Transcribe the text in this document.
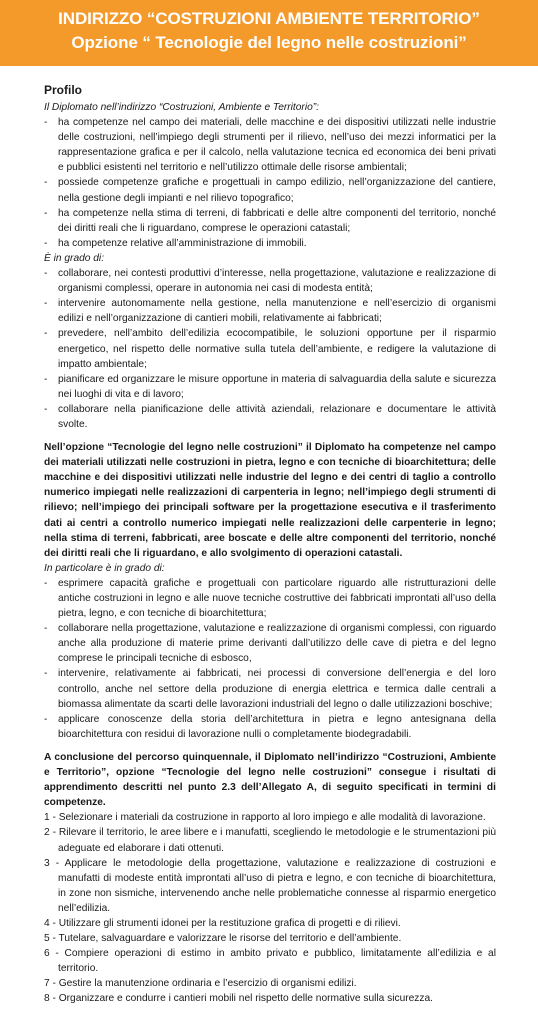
INDIRIZZO “COSTRUZIONI AMBIENTE TERRITORIO”
Opzione “ Tecnologie del legno nelle costruzioni”
Profilo
Il Diplomato nell’indirizzo “Costruzioni, Ambiente e Territorio”:
- ha competenze nel campo dei materiali, delle macchine e dei dispositivi utilizzati nelle industrie delle costruzioni, nell’impiego degli strumenti per il rilievo, nell’uso dei mezzi informatici per la rappresentazione grafica e per il calcolo, nella valutazione tecnica ed economica dei beni privati e pubblici esistenti nel territorio e nell’utilizzo ottimale delle risorse ambientali;
- possiede competenze grafiche e progettuali in campo edilizio, nell’organizzazione del cantiere, nella gestione degli impianti e nel rilievo topografico;
- ha competenze nella stima di terreni, di fabbricati e delle altre componenti del territorio, nonché dei diritti reali che li riguardano, comprese le operazioni catastali;
- ha competenze relative all’amministrazione di immobili.
È in grado di:
- collaborare, nei contesti produttivi d’interesse, nella progettazione, valutazione e realizzazione di organismi complessi, operare in autonomia nei casi di modesta entità;
- intervenire autonomamente nella gestione, nella manutenzione e nell’esercizio di organismi edilizi e nell’organizzazione di cantieri mobili, relativamente ai fabbricati;
- prevedere, nell’ambito dell’edilizia ecocompatibile, le soluzioni opportune per il risparmio energetico, nel rispetto delle normative sulla tutela dell’ambiente, e redigere la valutazione di impatto ambientale;
- pianificare ed organizzare le misure opportune in materia di salvaguardia della salute e sicurezza nei luoghi di vita e di lavoro;
- collaborare nella pianificazione delle attività aziendali, relazionare e documentare le attività svolte.
Nell’opzione “Tecnologie del legno nelle costruzioni” il Diplomato ha competenze nel campo dei materiali utilizzati nelle costruzioni in pietra, legno e con tecniche di bioarchitettura; delle macchine e dei dispositivi utilizzati nelle industrie del legno e dei centri di taglio a controllo numerico impiegati nelle realizzazioni di carpenteria in legno; nell’impiego degli strumenti di rilievo; nell’impiego dei principali software per la progettazione esecutiva e il trasferimento dati ai centri a controllo numerico impiegati nelle realizzazioni delle carpenterie in legno; nella stima di terreni, fabbricati, aree boscate e delle altre componenti del territorio, nonché dei diritti reali che li riguardano, e allo svolgimento di operazioni catastali.
In particolare è in grado di:
- esprimere capacità grafiche e progettuali con particolare riguardo alle ristrutturazioni delle antiche costruzioni in legno e alle nuove tecniche costruttive dei fabbricati improntati all’uso della pietra, legno, e con tecniche di bioarchitettura;
- collaborare nella progettazione, valutazione e realizzazione di organismi complessi, con riguardo anche alla produzione di materie prime derivanti dall’utilizzo delle cave di pietra e del legno comprese le principali tecniche di esbosco,
- intervenire, relativamente ai fabbricati, nei processi di conversione dell’energia e del loro controllo, anche nel settore della produzione di energia elettrica e termica dalle centrali a biomassa alimentate da scarti delle lavorazioni industriali del legno o dalle utilizzazioni boschive;
- applicare conoscenze della storia dell’architettura in pietra e legno antesignana della bioarchitettura con residui di lavorazione nulli o completamente biodegradabili.
A conclusione del percorso quinquennale, il Diplomato nell’indirizzo “Costruzioni, Ambiente e Territorio”, opzione “Tecnologie del legno nelle costruzioni” consegue i risultati di apprendimento descritti nel punto 2.3 dell’Allegato A, di seguito specificati in termini di competenze.
1 - Selezionare i materiali da costruzione in rapporto al loro impiego e alle modalità di lavorazione.
2 - Rilevare il territorio, le aree libere e i manufatti, scegliendo le metodologie e le strumentazioni più adeguate ed elaborare i dati ottenuti.
3 - Applicare le metodologie della progettazione, valutazione e realizzazione di costruzioni e manufatti di modeste entità improntati all’uso di pietra e legno, e con tecniche di bioarchitettura, in zone non sismiche, intervenendo anche nelle problematiche connesse al risparmio energetico nell’edilizia.
4 - Utilizzare gli strumenti idonei per la restituzione grafica di progetti e di rilievi.
5 - Tutelare, salvaguardare e valorizzare le risorse del territorio e dell’ambiente.
6 - Compiere operazioni di estimo in ambito privato e pubblico, limitatamente all’edilizia e al territorio.
7 - Gestire la manutenzione ordinaria e l’esercizio di organismi edilizi.
8 - Organizzare e condurre i cantieri mobili nel rispetto delle normative sulla sicurezza.
